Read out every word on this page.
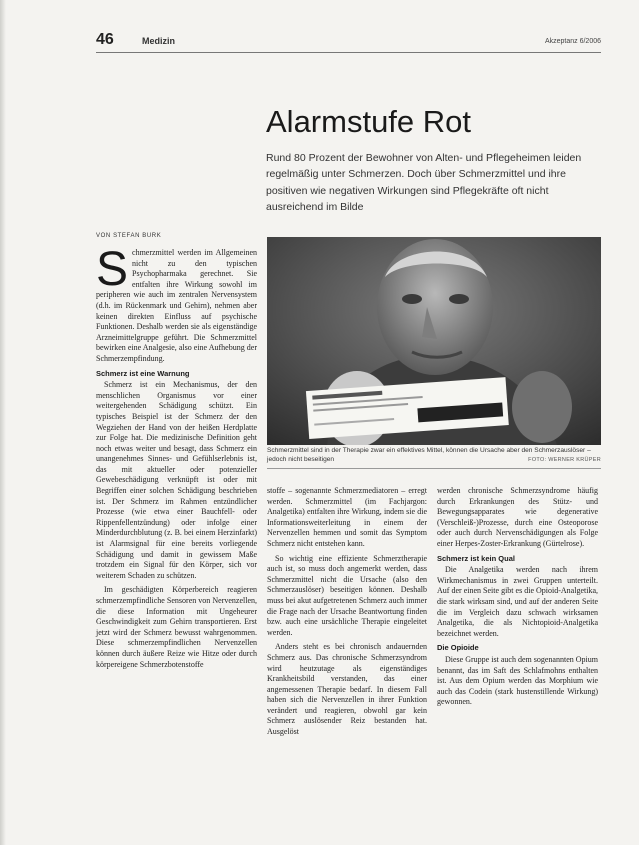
46	Medizin	Akzeptanz 6/2006
Alarmstufe Rot
Rund 80 Prozent der Bewohner von Alten- und Pflegeheimen leiden regelmäßig unter Schmerzen. Doch über Schmerzmittel und ihre positiven wie negativen Wirkungen sind Pflegekräfte oft nicht ausreichend im Bilde
VON STEFAN BURK

Schmerzmittel werden im Allgemeinen nicht zu den typischen Psychopharmaka gerechnet. Sie entfalten ihre Wirkung sowohl im peripheren wie auch im zentralen Nervensystem (d.h. im Rückenmark und Gehirn), nehmen aber keinen direkten Einfluss auf psychische Funktionen. Deshalb werden sie als eigenständige Arzneimittelgruppe geführt. Die Schmerzmittel bewirken eine Analgesie, also eine Aufhebung der Schmerzempfindung.

Schmerz ist eine Warnung

Schmerz ist ein Mechanismus, der den menschlichen Organismus vor einer weitergehenden Schädigung schützt. Ein typisches Beispiel ist der Schmerz der den Wegziehen der Hand von der heißen Herdplatte zur Folge hat. Die medizinische Definition geht noch etwas weiter und besagt, dass Schmerz ein unangenehmes Sinnes- und Gefühlserlebnis ist, das mit aktueller oder potenzieller Gewebeschädigung verknüpft ist oder mit Begriffen einer solchen Schädigung beschrieben ist. Der Schmerz im Rahmen entzündlicher Prozesse (wie etwa einer Bauchfell- oder Rippenfellentzündung) oder infolge einer Minderdurchblutung (z. B. bei einem Herzinfarkt) ist Alarmsignal für eine bereits vorliegende Schädigung und damit in gewissem Maße trotzdem ein Signal für den Körper, sich vor weiterem Schaden zu schützen.

Im geschädigten Körperbereich reagieren schmerzempfindliche Sensoren von Nervenzellen, die diese Information mit Ungeheurer Geschwindigkeit zum Gehirn transportieren. Erst jetzt wird der Schmerz bewusst wahrgenommen. Diese schmerzempfindlichen Nervenzellen können durch äußere Reize wie Hitze oder durch körpereigene Schmerzbotenstoffe

Schmerzmittel sind in der Therapie zwar ein effektives Mittel, können die Ursache aber den Schmerzauslöser – jedoch nicht beseitigen	FOTO: WERNER KRÜPER

stoffe – sogenannte Schmerzmediatoren – erregt werden. Schmerzmittel (im Fachjargon: Analgetika) entfalten ihre Wirkung, indem sie die Informationsweiterleitung in einem der Nervenzellen hemmen und somit das Symptom Schmerz nicht entstehen kann.

So wichtig eine effiziente Schmerztherapie auch ist, so muss doch angemerkt werden, dass Schmerzmittel nicht die Ursache (also den Schmerzauslöser) beseitigen können. Deshalb muss bei akut aufgetretenen Schmerz auch immer die Frage nach der Ursache Beantwortung finden bzw. auch eine ursächliche Therapie eingeleitet werden.

Anders steht es bei chronisch andauernden Schmerz aus. Das chronische Schmerzsyndrom wird heutzutage als eigenständiges Krankheitsbild verstanden, das einer angemessenen Therapie bedarf. In diesem Fall haben sich die Nervenzellen in ihrer Funktion verändert und reagieren, obwohl gar kein Schmerz auslösender Reiz bestanden hat. Ausgelöst

werden chronische Schmerzsyndrome häufig durch Erkrankungen des Stütz- und Bewegungsapparates wie degenerative (Verschleiß-)Prozesse, durch eine Osteoporose oder auch durch Nervenschädigungen als Folge einer Herpes-Zoster-Erkrankung (Gürtelrose).

Schmerz ist kein Qual

Die Analgetika werden nach ihrem Wirkmechanismus in zwei Gruppen unterteilt. Auf der einen Seite gibt es die Opioid-Analgetika, die stark wirksam sind, und auf der anderen Seite die im Vergleich dazu schwach wirksamen Analgetika, die als Nichtopioid-Analgetika bezeichnet werden.

Die Opioide

Diese Gruppe ist auch dem sogenannten Opium benannt, das im Saft des Schlafmohns enthalten ist. Aus dem Opium werden das Morphium wie auch das Codein (stark hustenstillende Wirkung) gewonnen.
